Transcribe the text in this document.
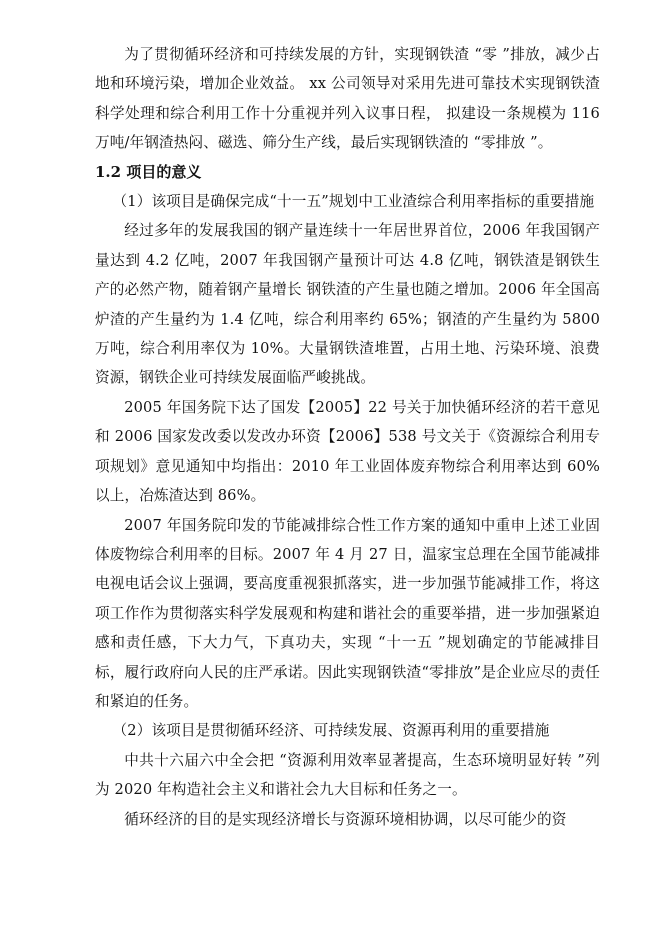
为了贯彻循环经济和可持续发展的方针，实现钢铁渣 “零 ”排放，减少占地和环境污染，增加企业效益。 xx 公司领导对采用先进可靠技术实现钢铁渣科学处理和综合利用工作十分重视并列入议事日程， 拟建设一条规模为 116 万吨/年钢渣热闷、磁选、筛分生产线，最后实现钢铁渣的 “零排放 ”。

1.2 项目的意义

（1）该项目是确保完成“十一五”规划中工业渣综合利用率指标的重要措施

经过多年的发展我国的钢产量连续十一年居世界首位，2006 年我国钢产量达到 4.2 亿吨，2007 年我国钢产量预计可达 4.8 亿吨，钢铁渣是钢铁生产的必然产物，随着钢产量增长 钢铁渣的产生量也随之增加。2006 年全国高炉渣的产生量约为 1.4 亿吨，综合利用率约 65%；钢渣的产生量约为 5800 万吨，综合利用率仅为 10%。大量钢铁渣堆置，占用土地、污染环境、浪费资源，钢铁企业可持续发展面临严峻挑战。

2005 年国务院下达了国发【2005】22 号关于加快循环经济的若干意见和 2006 国家发改委以发改办环资【2006】538 号文关于《资源综合利用专项规划》意见通知中均指出：2010 年工业固体废弃物综合利用率达到 60%以上，冶炼渣达到 86%。

2007 年国务院印发的节能减排综合性工作方案的通知中重申上述工业固体废物综合利用率的目标。2007 年 4 月 27 日，温家宝总理在全国节能减排电视电话会议上强调，要高度重视狠抓落实，进一步加强节能减排工作，将这项工作作为贯彻落实科学发展观和构建和谐社会的重要举措，进一步加强紧迫感和责任感，下大力气，下真功夫，实现 “十一五 ”规划确定的节能减排目标，履行政府向人民的庄严承诺。因此实现钢铁渣“零排放”是企业应尽的责任和紧迫的任务。

（2）该项目是贯彻循环经济、可持续发展、资源再利用的重要措施

中共十六届六中全会把 “资源利用效率显著提高，生态环境明显好转 ”列为 2020 年构造社会主义和谐社会九大目标和任务之一。

循环经济的目的是实现经济增长与资源环境相协调，以尽可能少的资
